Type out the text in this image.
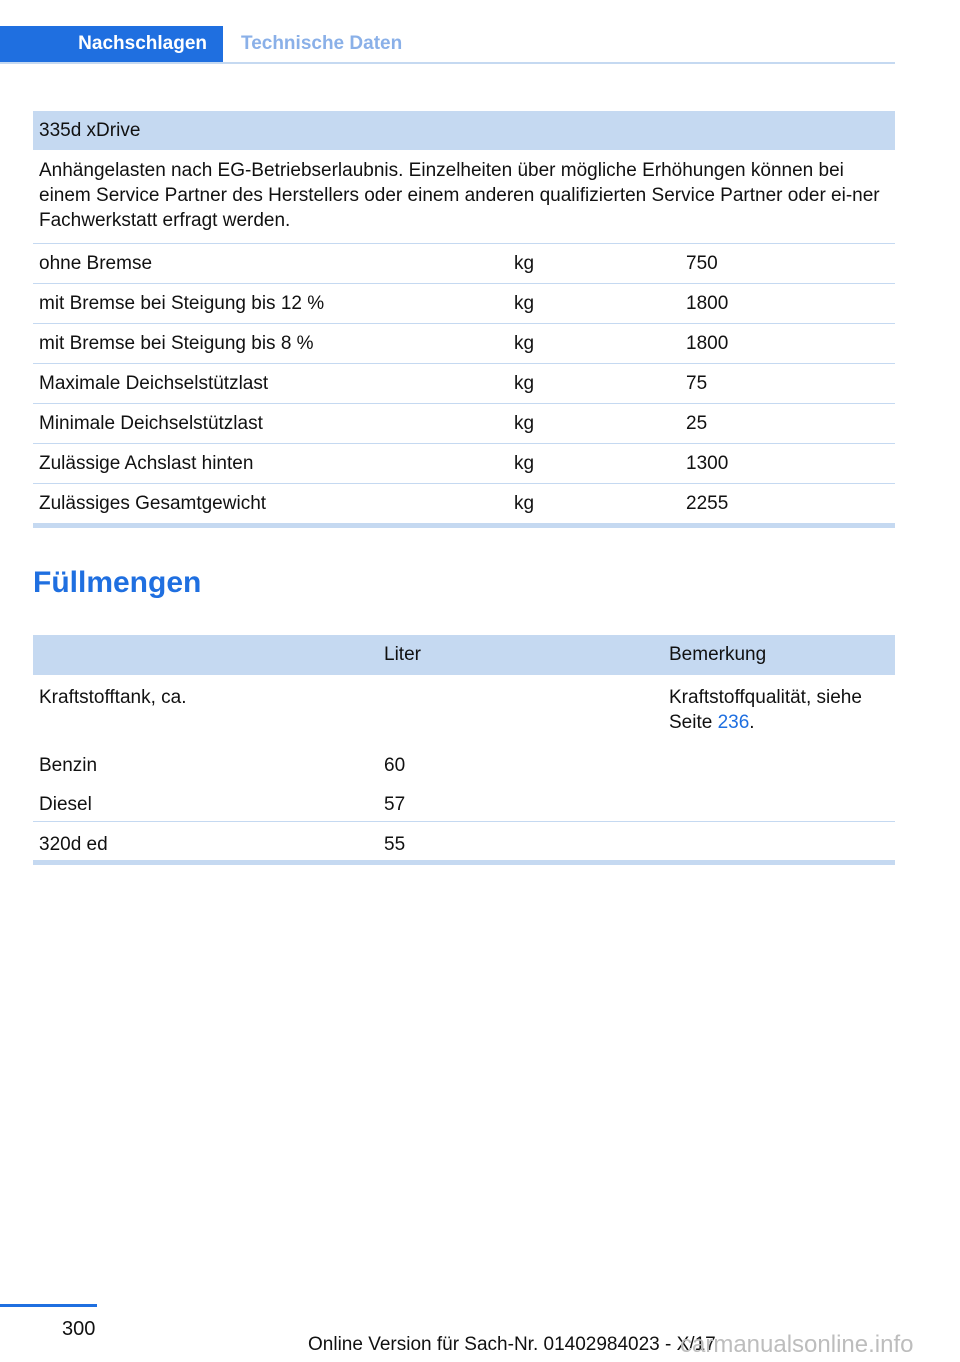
Nachschlagen	Technische Daten
335d xDrive		
Anhängelasten nach EG-Betriebserlaubnis. Einzelheiten über mögliche Erhöhungen können bei einem Service Partner des Herstellers oder einem anderen qualifizierten Service Partner oder ei‐ner Fachwerkstatt erfragt werden.		
ohne Bremse	kg	750
mit Bremse bei Steigung bis 12 %	kg	1800
mit Bremse bei Steigung bis 8 %	kg	1800
Maximale Deichselstützlast	kg	75
Minimale Deichselstützlast	kg	25
Zulässige Achslast hinten	kg	1300
Zulässiges Gesamtgewicht	kg	2255
Füllmengen
	Liter	Bemerkung
Kraftstofftank, ca.		Kraftstoffqualität, siehe Seite 236.
Benzin	60	
Diesel	57	
320d ed	55	
300
Online Version für Sach-Nr. 01402984023 - X/17
carmanualsonline.info
